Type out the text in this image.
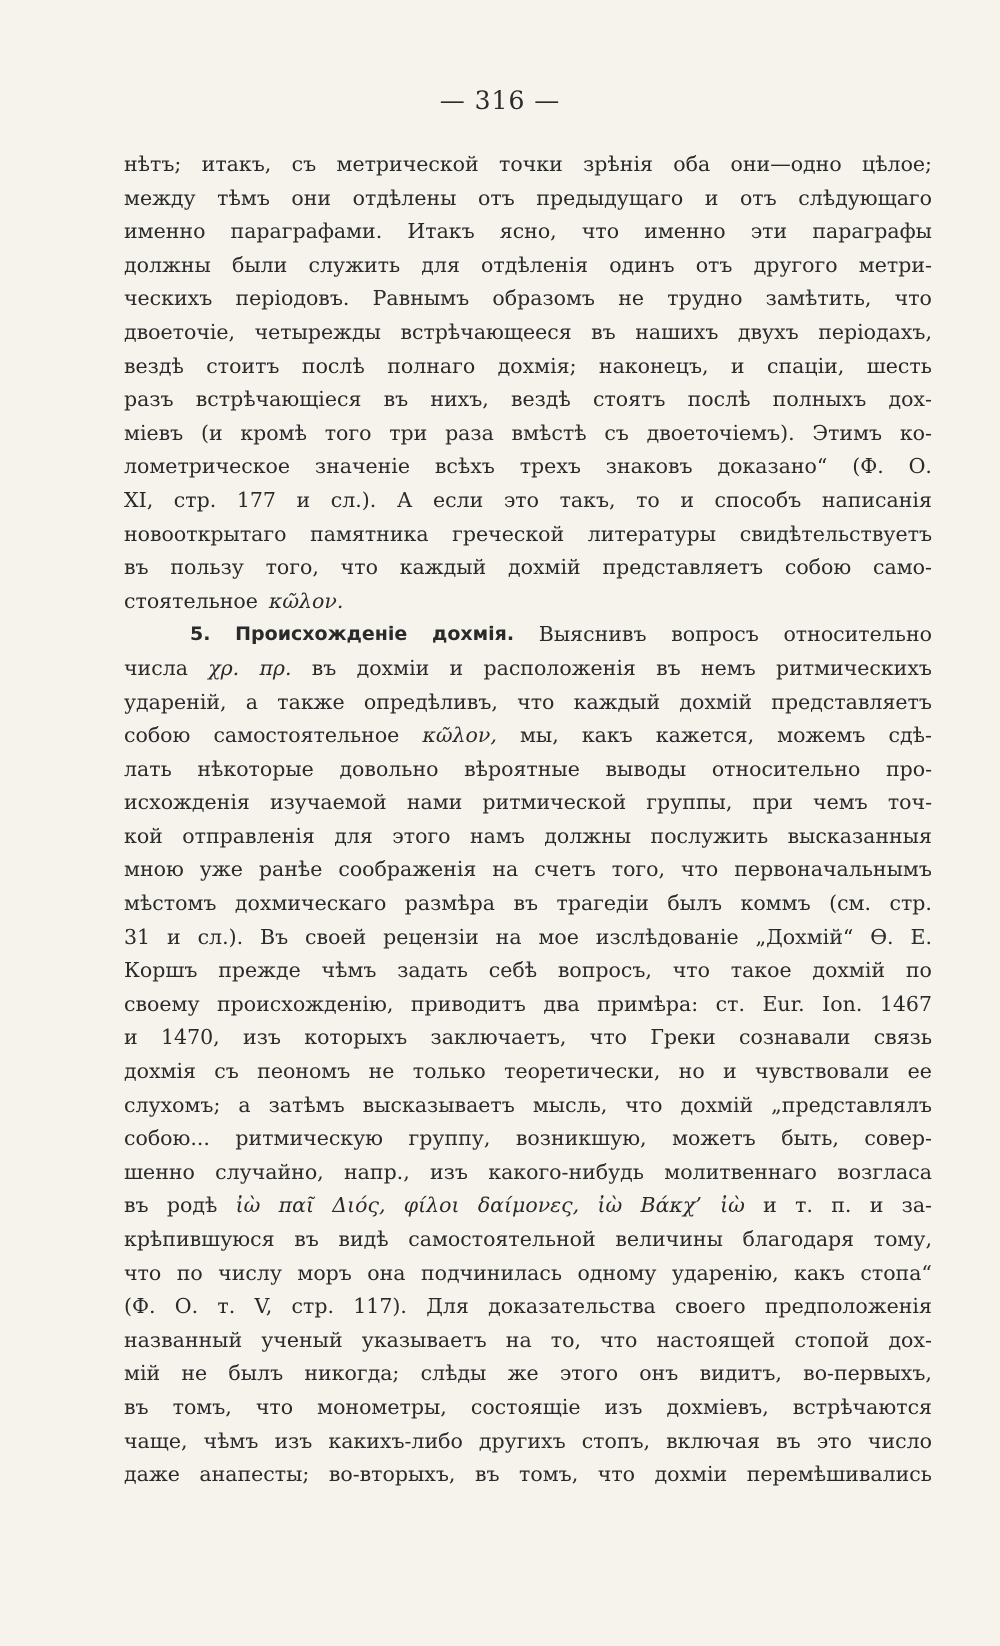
— 316 —
нѣтъ; итакъ, съ метрической точки зрѣнія оба они—одно цѣлое;
между тѣмъ они отдѣлены отъ предыдущаго и отъ слѣдующаго
именно параграфами. Итакъ ясно, что именно эти параграфы
должны были служить для отдѣленія одинъ отъ другого метри-
ческихъ періодовъ. Равнымъ образомъ не трудно замѣтить, что
двоеточіе, четырежды встрѣчающееся въ нашихъ двухъ періодахъ,
вездѣ стоитъ послѣ полнаго дохмія; наконецъ, и спаціи, шесть
разъ встрѣчающіеся въ нихъ, вездѣ стоятъ послѣ полныхъ дох-
міевъ (и кромѣ того три раза вмѣстѣ съ двоеточіемъ). Этимъ ко-
лометрическое значеніе всѣхъ трехъ знаковъ доказано“ (Ф. О.
XI, стр. 177 и сл.). А если это такъ, то и способъ написанія
новооткрытаго памятника греческой литературы свидѣтельствуетъ
въ пользу того, что каждый дохмій представляетъ собою само-
стоятельное κῶλον.
5. Происхожденіе дохмія. Выяснивъ вопросъ относительно
числа χρ. πρ. въ дохміи и расположенія въ немъ ритмическихъ
удареній, а также опредѣливъ, что каждый дохмій представляетъ
собою самостоятельное κῶλον, мы, какъ кажется, можемъ сдѣ-
лать нѣкоторые довольно вѣроятные выводы относительно про-
исхожденія изучаемой нами ритмической группы, при чемъ точ-
кой отправленія для этого намъ должны послужить высказанныя
мною уже ранѣе соображенія на счетъ того, что первоначальнымъ
мѣстомъ дохмическаго размѣра въ трагедіи былъ коммъ (см. стр.
31 и сл.). Въ своей рецензіи на мое изслѣдованіе „Дохмій“ Ѳ. Е.
Коршъ прежде чѣмъ задать себѣ вопросъ, что такое дохмій по
своему происхожденію, приводитъ два примѣра: ст. Eur. Ion. 1467
и 1470, изъ которыхъ заключаетъ, что Греки сознавали связь
дохмія съ пеономъ не только теоретически, но и чувствовали ее
слухомъ; а затѣмъ высказываетъ мысль, что дохмій „представлялъ
собою... ритмическую группу, возникшую, можетъ быть, совер-
шенно случайно, напр., изъ какого-нибудь молитвеннаго возгласа
въ родѣ ἰὼ παῖ Διός, φίλοι δαίμονες, ἰὼ Βάκχ’ ἰὼ и т. п. и за-
крѣпившуюся въ видѣ самостоятельной величины благодаря тому,
что по числу моръ она подчинилась одному ударенію, какъ стопа“
(Ф. О. т. V, стр. 117). Для доказательства своего предположенія
названный ученый указываетъ на то, что настоящей стопой дох-
мій не былъ никогда; слѣды же этого онъ видитъ, во-первыхъ,
въ томъ, что монометры, состоящіе изъ дохміевъ, встрѣчаются
чаще, чѣмъ изъ какихъ-либо другихъ стопъ, включая въ это число
даже анапесты; во-вторыхъ, въ томъ, что дохміи перемѣшивались
